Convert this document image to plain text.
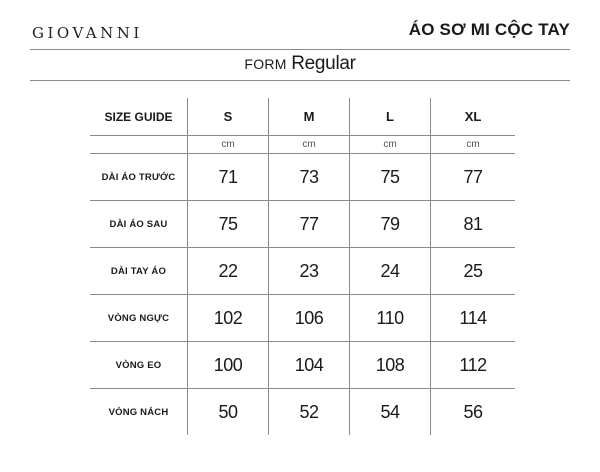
GIOVANNI	ÁO SƠ MI CỘC TAY
FORM Regular
SIZE GUIDE	S	M	L	XL
	cm	cm	cm	cm
DÀI ÁO TRƯỚC	71	73	75	77
DÀI ÁO SAU	75	77	79	81
DÀI TAY ÁO	22	23	24	25
VÒNG NGỰC	102	106	110	114
VÒNG EO	100	104	108	112
VÒNG NÁCH	50	52	54	56
